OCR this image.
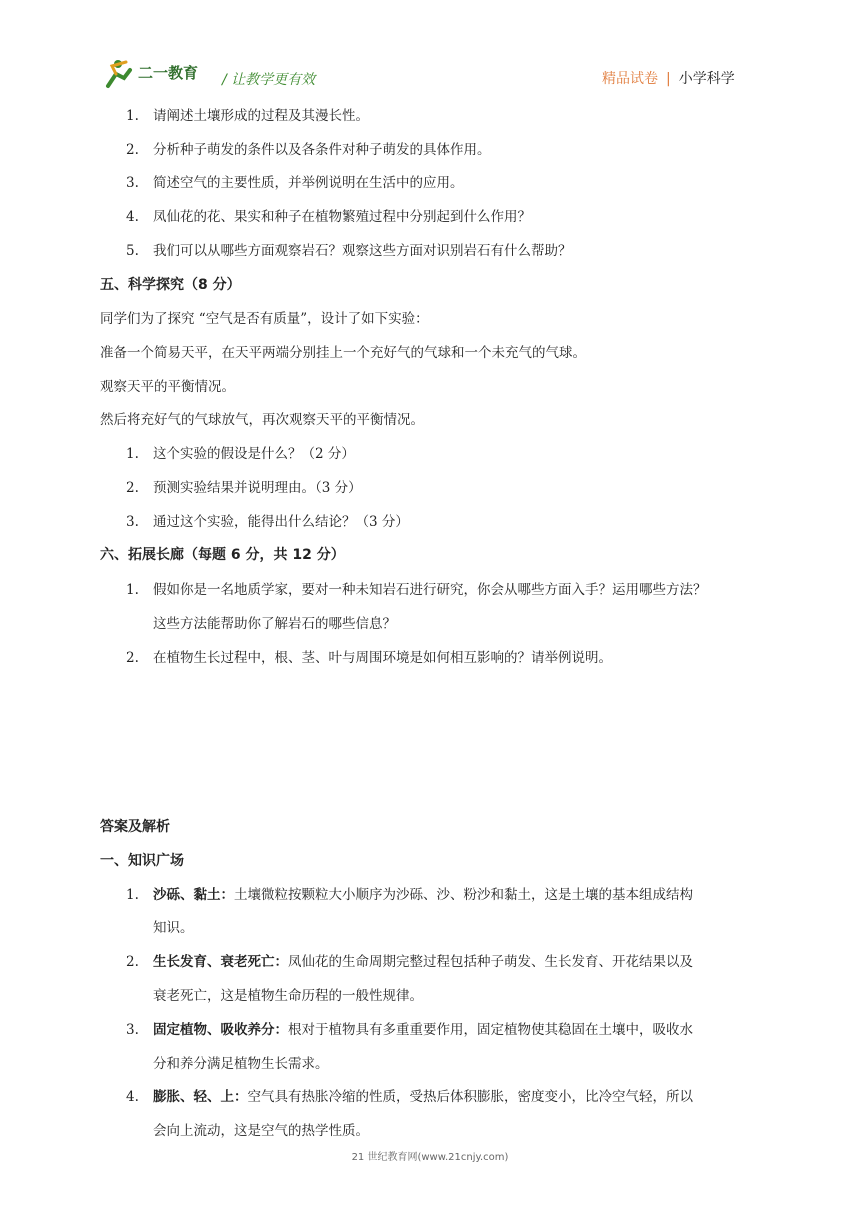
二一教育 / 让教学更有效	精品试卷 | 小学科学
1. 请阐述土壤形成的过程及其漫长性。
2. 分析种子萌发的条件以及各条件对种子萌发的具体作用。
3. 简述空气的主要性质，并举例说明在生活中的应用。
4. 凤仙花的花、果实和种子在植物繁殖过程中分别起到什么作用？
5. 我们可以从哪些方面观察岩石？观察这些方面对识别岩石有什么帮助？
五、科学探究（8 分）
同学们为了探究 “空气是否有质量”，设计了如下实验：
准备一个简易天平，在天平两端分别挂上一个充好气的气球和一个未充气的气球。
观察天平的平衡情况。
然后将充好气的气球放气，再次观察天平的平衡情况。
1. 这个实验的假设是什么？（2 分）
2. 预测实验结果并说明理由。（3 分）
3. 通过这个实验，能得出什么结论？（3 分）
六、拓展长廊（每题 6 分，共 12 分）
1. 假如你是一名地质学家，要对一种未知岩石进行研究，你会从哪些方面入手？运用哪些方法？
这些方法能帮助你了解岩石的哪些信息？
2. 在植物生长过程中，根、茎、叶与周围环境是如何相互影响的？请举例说明。
答案及解析
一、知识广场
1. 沙砾、黏土：土壤微粒按颗粒大小顺序为沙砾、沙、粉沙和黏土，这是土壤的基本组成结构
知识。
2. 生长发育、衰老死亡：凤仙花的生命周期完整过程包括种子萌发、生长发育、开花结果以及
衰老死亡，这是植物生命历程的一般性规律。
3. 固定植物、吸收养分：根对于植物具有多重重要作用，固定植物使其稳固在土壤中，吸收水
分和养分满足植物生长需求。
4. 膨胀、轻、上：空气具有热胀冷缩的性质，受热后体积膨胀，密度变小，比冷空气轻，所以
会向上流动，这是空气的热学性质。
21 世纪教育网(www.21cnjy.com)
